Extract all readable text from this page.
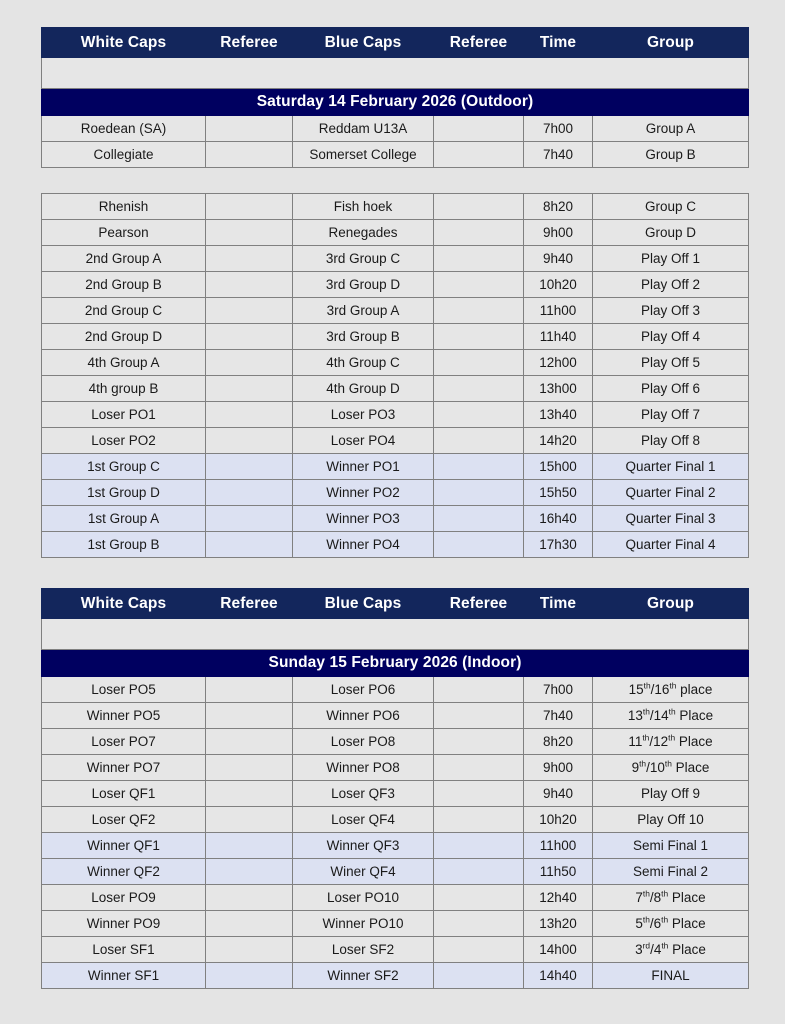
White Caps	Referee	Blue Caps	Referee	Time	Group

Saturday 14 February 2026 (Outdoor)					
Roedean (SA)		Reddam U13A		7h00	Group A
Collegiate		Somerset College		7h40	Group B
Rhenish		Fish hoek		8h20	Group C
Pearson		Renegades		9h00	Group D
2nd Group A		3rd Group C		9h40	Play Off 1
2nd Group B		3rd Group D		10h20	Play Off 2
2nd Group C		3rd Group A		11h00	Play Off 3
2nd Group D		3rd Group B		11h40	Play Off 4
4th Group A		4th Group C		12h00	Play Off 5
4th group B		4th Group D		13h00	Play Off 6
Loser PO1		Loser PO3		13h40	Play Off 7
Loser PO2		Loser PO4		14h20	Play Off 8
1st Group C		Winner PO1		15h00	Quarter Final 1
1st Group D		Winner PO2		15h50	Quarter Final 2
1st Group A		Winner PO3		16h40	Quarter Final 3
1st Group B		Winner PO4		17h30	Quarter Final 4
White Caps	Referee	Blue Caps	Referee	Time	Group

Sunday 15 February 2026 (Indoor)					
Loser PO5		Loser PO6		7h00	15th/16th place
Winner PO5		Winner PO6		7h40	13th/14th Place
Loser PO7		Loser PO8		8h20	11th/12th Place
Winner PO7		Winner PO8		9h00	9th/10th Place
Loser QF1		Loser QF3		9h40	Play Off 9
Loser QF2		Loser QF4		10h20	Play Off 10
Winner QF1		Winner QF3		11h00	Semi Final 1
Winner QF2		Winer QF4		11h50	Semi Final 2
Loser PO9		Loser PO10		12h40	7th/8th Place
Winner PO9		Winner PO10		13h20	5th/6th Place
Loser SF1		Loser SF2		14h00	3rd/4th Place
Winner SF1		Winner SF2		14h40	FINAL
